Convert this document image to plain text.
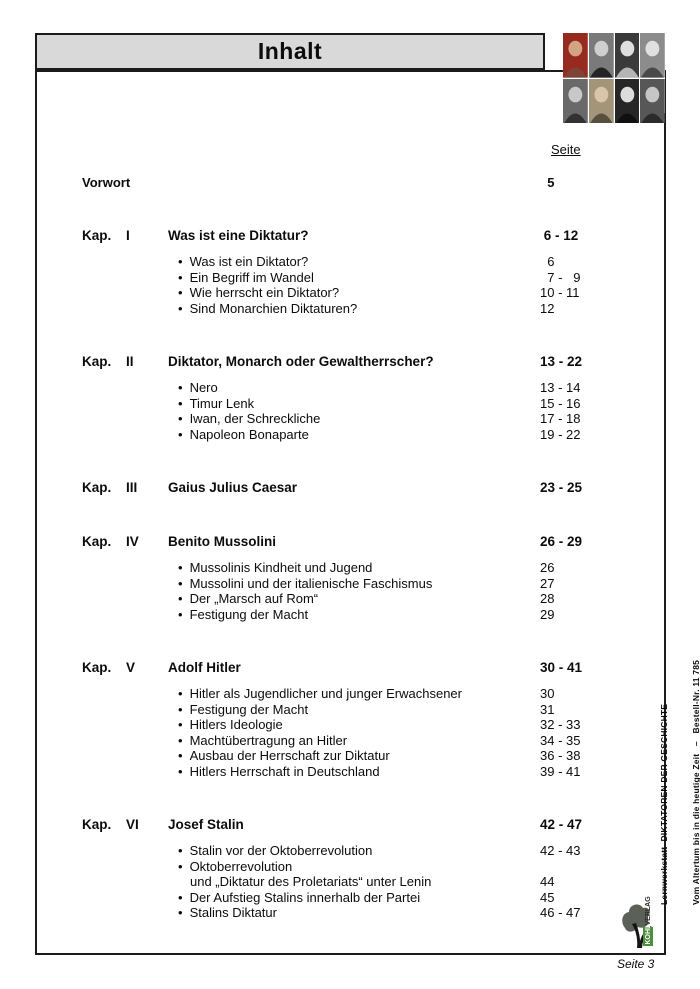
Inhalt
Seite
Vorwort	5
Kap.	I	Was ist eine Diktatur?	6 - 12
• Was ist ein Diktator?	6
• Ein Begriff im Wandel	7 -   9
• Wie herrscht ein Diktator?	10 - 11
• Sind Monarchien Diktaturen?	12
Kap.	II	Diktator, Monarch oder Gewaltherrscher?	13 - 22
• Nero	13 - 14
• Timur Lenk	15 - 16
• Iwan, der Schreckliche	17 - 18
• Napoleon Bonaparte	19 - 22
Kap.	III Gaius Julius Caesar	23 - 25
Kap.	IV Benito Mussolini	26 - 29
• Mussolinis Kindheit und Jugend	26
• Mussolini und der italienische Faschismus	27
• Der „Marsch auf Rom“	28
• Festigung der Macht	29
Kap.	V Adolf Hitler	30 - 41
• Hitler als Jugendlicher und junger Erwachsener	30
• Festigung der Macht	31
• Hitlers Ideologie	32 - 33
• Machtübertragung an Hitler	34 - 35
• Ausbau der Herrschaft zur Diktatur	36 - 38
• Hitlers Herrschaft in Deutschland	39 - 41
Kap.	VI Josef Stalin	42 - 47
• Stalin vor der Oktoberrevolution	42 - 43
• Oktoberrevolution
und „Diktatur des Proletariats“ unter Lenin	44
• Der Aufstieg Stalins innerhalb der Partei	45
• Stalins Diktatur	46 - 47

Lernwerkstatt  DIKTATOREN DER GESCHICHTE

	Vom Altertum bis in die heutige Zeit   –   Bestell-Nr. 11 785

KOHL
VERLAG
Seite 3
